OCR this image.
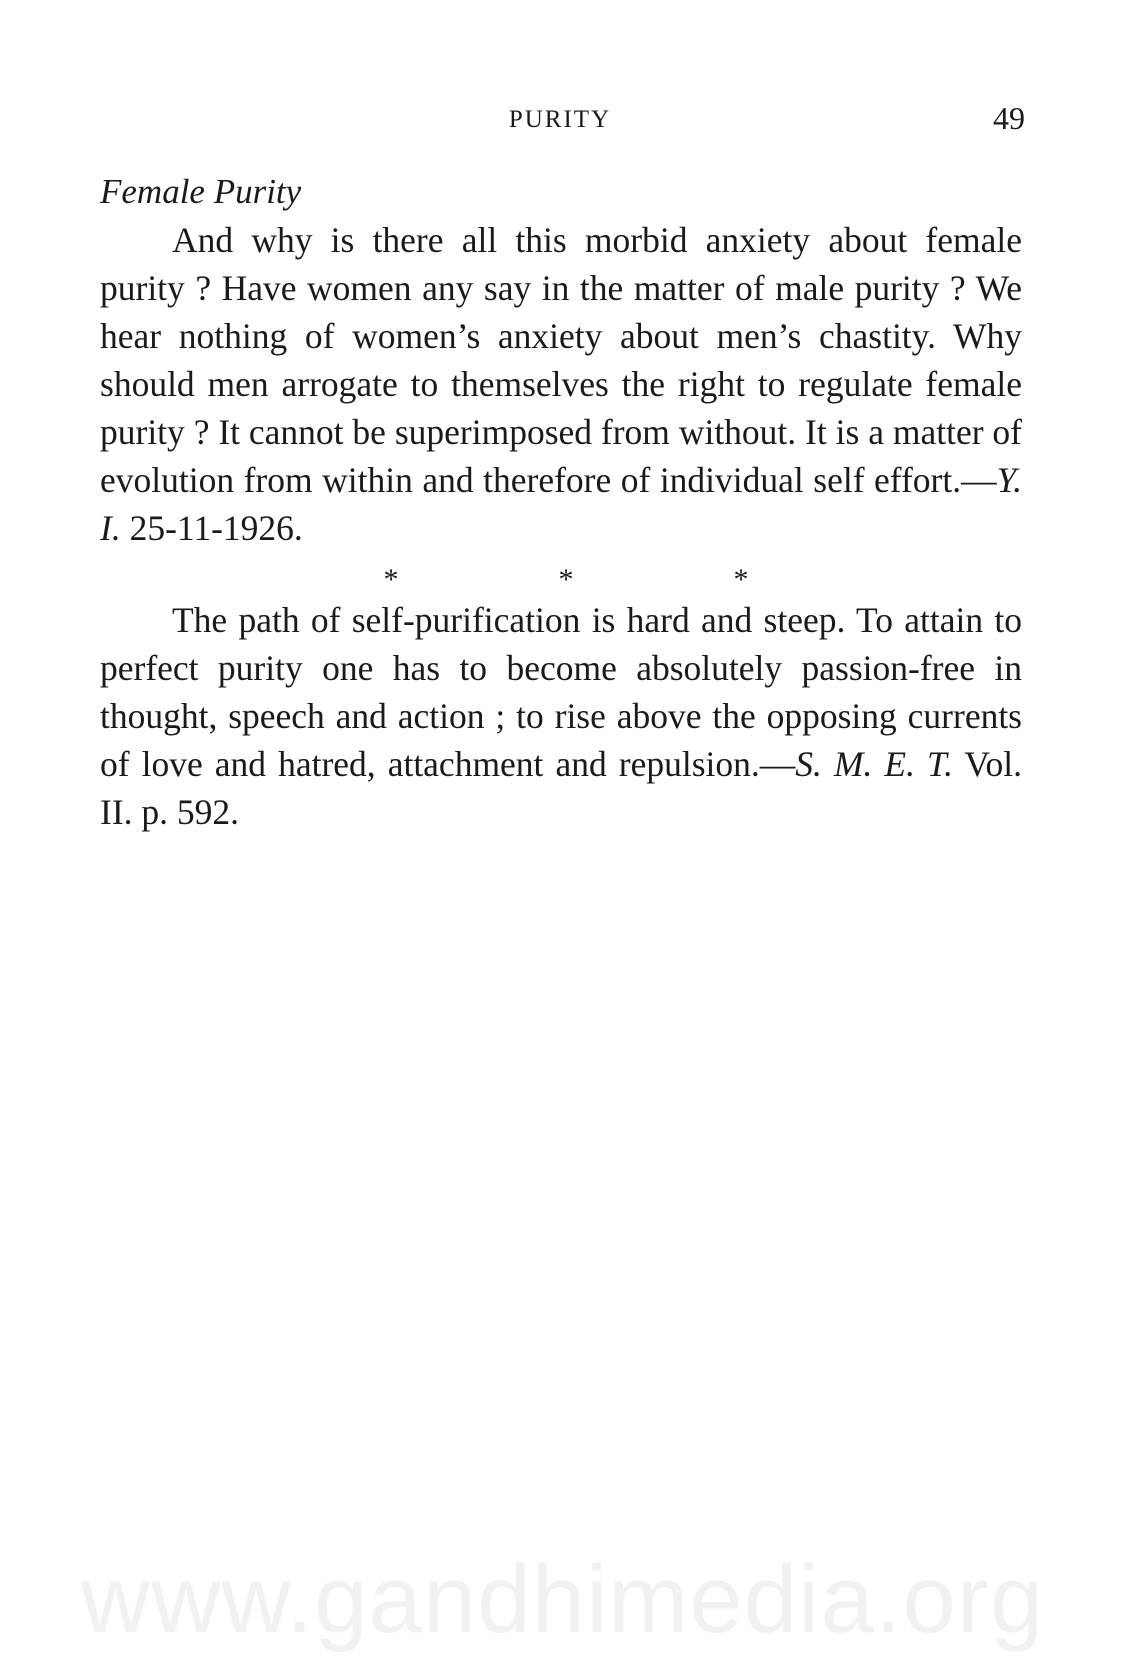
PURITY	49
Female Purity

And why is there all this morbid anxiety about female purity ? Have women any say in the matter of male purity ? We hear nothing of women’s anxiety about men’s chastity. Why should men arrogate to themselves the right to regulate female purity ? It cannot be superimposed from without. It is a matter of evolution from within and therefore of individual self effort.—Y. I. 25-11-1926.

*	*	*

The path of self-purification is hard and steep. To attain to perfect purity one has to become absolutely passion-free in thought, speech and action ; to rise above the opposing currents of love and hatred, attachment and repulsion.—S. M. E. T. Vol. II. p. 592.

www.gandhimedia.org
